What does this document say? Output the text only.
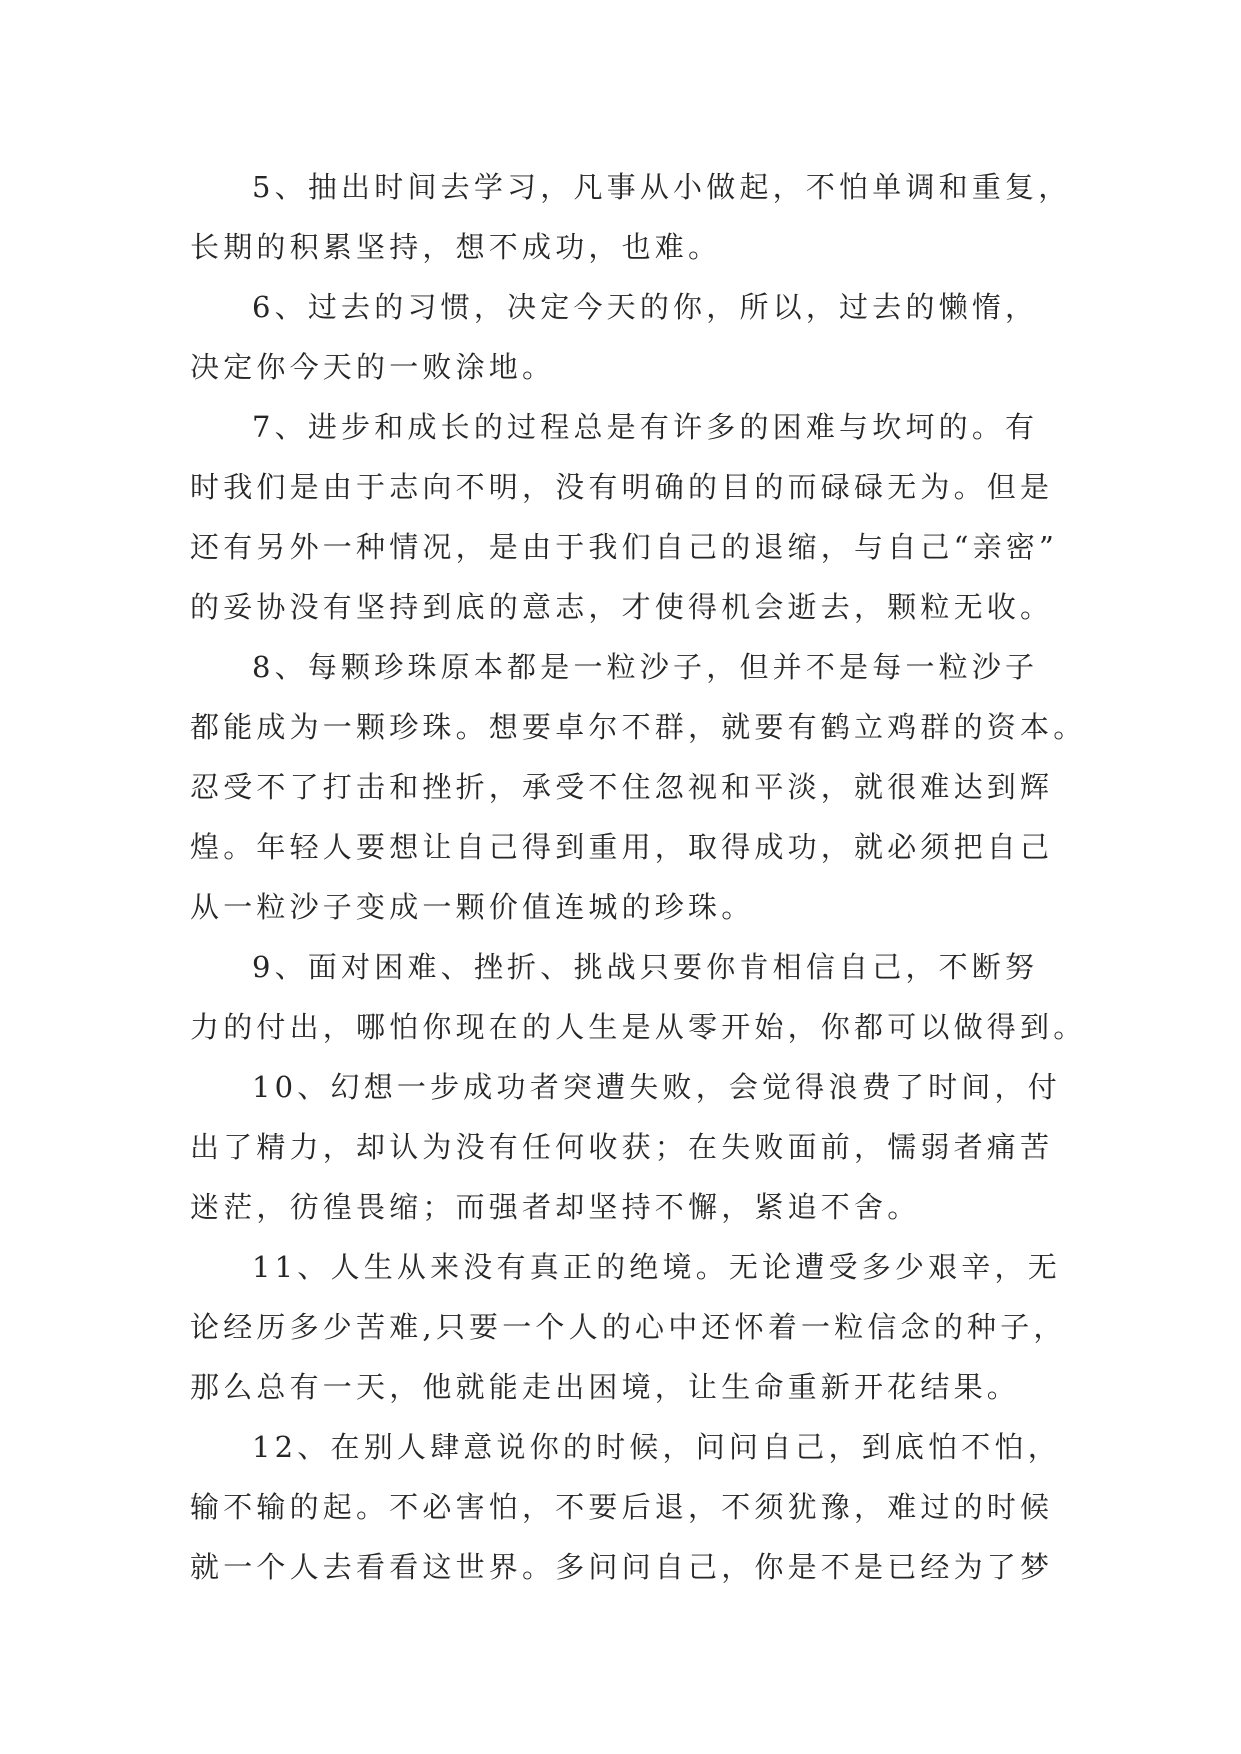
5、抽出时间去学习，凡事从小做起，不怕单调和重复，
长期的积累坚持，想不成功，也难。
6、过去的习惯，决定今天的你，所以，过去的懒惰，
决定你今天的一败涂地。
7、进步和成长的过程总是有许多的困难与坎坷的。有
时我们是由于志向不明，没有明确的目的而碌碌无为。但是
还有另外一种情况，是由于我们自己的退缩，与自己“亲密”
的妥协没有坚持到底的意志，才使得机会逝去，颗粒无收。
8、每颗珍珠原本都是一粒沙子，但并不是每一粒沙子
都能成为一颗珍珠。想要卓尔不群，就要有鹤立鸡群的资本。
忍受不了打击和挫折，承受不住忽视和平淡，就很难达到辉
煌。年轻人要想让自己得到重用，取得成功，就必须把自己
从一粒沙子变成一颗价值连城的珍珠。
9、面对困难、挫折、挑战只要你肯相信自己，不断努
力的付出，哪怕你现在的人生是从零开始，你都可以做得到。
10、幻想一步成功者突遭失败，会觉得浪费了时间，付
出了精力，却认为没有任何收获；在失败面前，懦弱者痛苦
迷茫，彷徨畏缩；而强者却坚持不懈，紧追不舍。
11、人生从来没有真正的绝境。无论遭受多少艰辛，无
论经历多少苦难,只要一个人的心中还怀着一粒信念的种子，
那么总有一天，他就能走出困境，让生命重新开花结果。
12、在别人肆意说你的时候，问问自己，到底怕不怕，
输不输的起。不必害怕，不要后退，不须犹豫，难过的时候
就一个人去看看这世界。多问问自己，你是不是已经为了梦
